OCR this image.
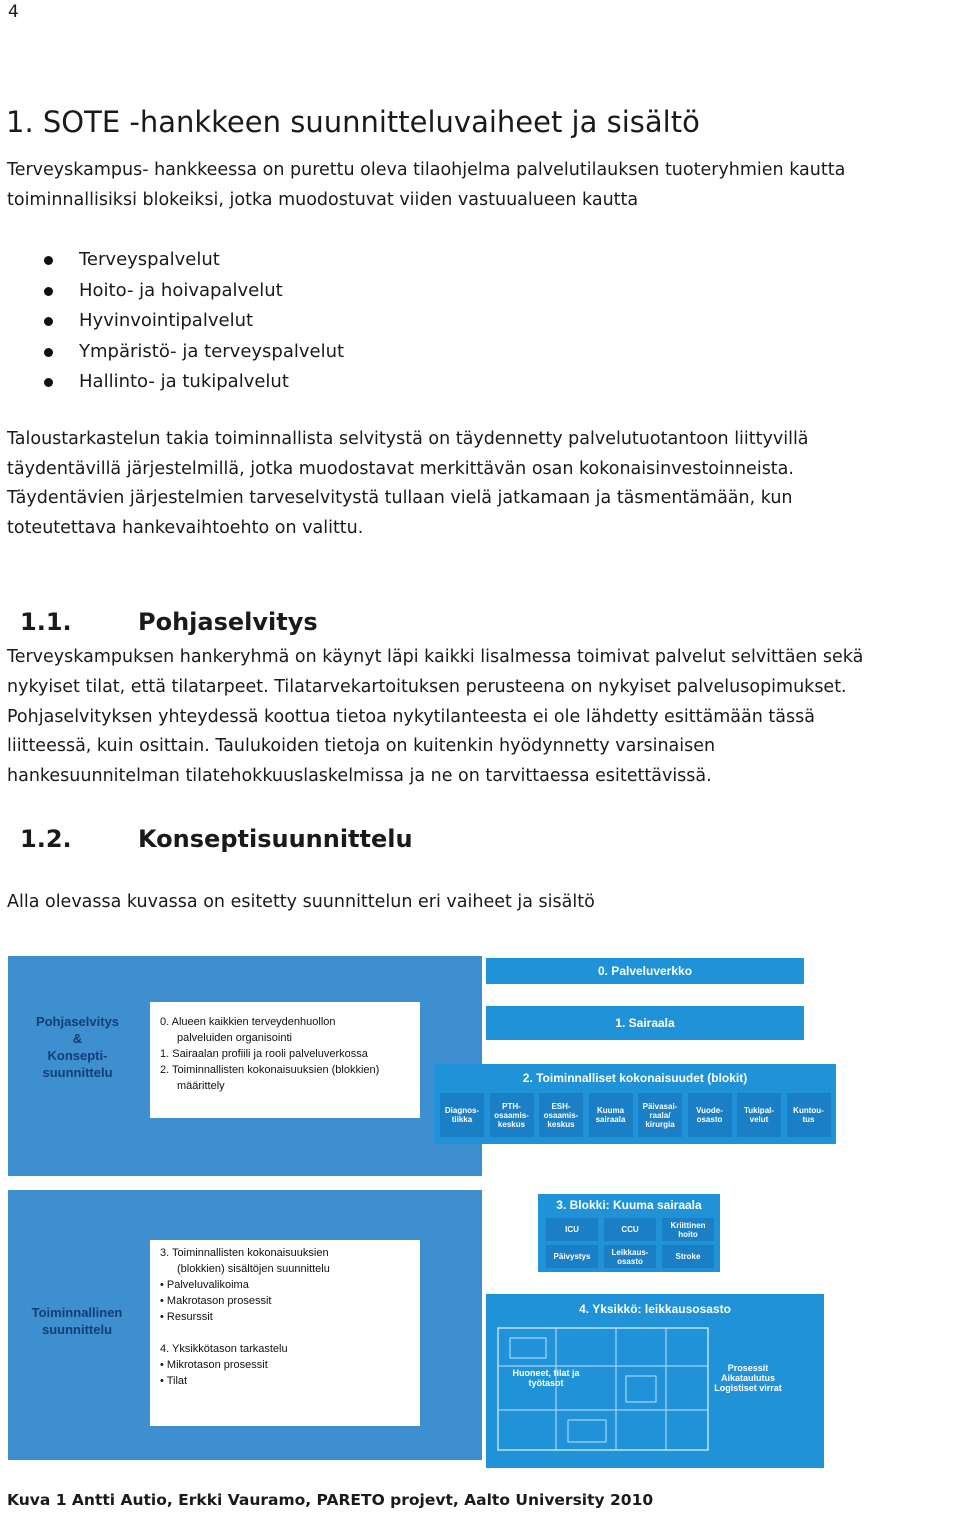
4
1. SOTE -hankkeen suunnitteluvaiheet ja sisältö
Terveyskampus- hankkeessa on purettu oleva tilaohjelma palvelutilauksen tuoteryhmien kautta
toiminnallisiksi blokeiksi, jotka muodostuvat viiden vastuualueen kautta
Terveyspalvelut
Hoito- ja hoivapalvelut
Hyvinvointipalvelut
Ympäristö- ja terveyspalvelut
Hallinto- ja tukipalvelut
Taloustarkastelun takia toiminnallista selvitystä on täydennetty palvelutuotantoon liittyvillä
täydentävillä järjestelmillä, jotka muodostavat merkittävän osan kokonaisinvestoinneista.
Täydentävien järjestelmien tarveselvitystä tullaan vielä jatkamaan ja täsmentämään, kun
toteutettava hankevaihtoehto on valittu.
1.1.	Pohjaselvitys
Terveyskampuksen hankeryhmä on käynyt läpi kaikki lisalmessa toimivat palvelut selvittäen sekä
nykyiset tilat, että tilatarpeet. Tilatarvekartoituksen perusteena on nykyiset palvelusopimukset.
Pohjaselvityksen yhteydessä koottua tietoa nykytilanteesta ei ole lähdetty esittämään tässä
liitteessä, kuin osittain. Taulukoiden tietoja on kuitenkin hyödynnetty varsinaisen
hankesuunnitelman tilatehokkuuslaskelmissa ja ne on tarvittaessa esitettävissä.
1.2.	Konseptisuunnittelu
Alla olevassa kuvassa on esitetty suunnittelun eri vaiheet ja sisältö
Pohjaselvitys
&
Konsepti-
suunnittelu
0. Alueen kaikkien terveydenhuollon
palveluiden organisointi
1. Sairaalan profiili ja rooli palveluverkossa
2. Toiminnallisten kokonaisuuksien (blokkien)
määrittely
Toiminnallinen
suunnittelu
3. Toiminnallisten kokonaisuuksien
(blokkien) sisältöjen suunnittelu
• Palveluvalikoima
• Makrotason prosessit
• Resurssit

4. Yksikkötason tarkastelu
• Mikrotason prosessit
• Tilat
0. Palveluverkko
1. Sairaala
2. Toiminnalliset kokonaisuudet (blokit)
Diagnos-
tiikka
PTH-
osaamis-
keskus
ESH-
osaamis-
keskus
Kuuma
sairaala
Päivasai-
raala/
kirurgia
Vuode-
osasto
Tukipal-
velut
Kuntou-
tus
3. Blokki: Kuuma sairaala
ICU	CCU	Kriittinen
hoito
Päivystys	Leikkaus-
osasto	Stroke
4. Yksikkö: leikkausosasto
Huoneet, tilat ja
työtasot
Prosessit
Aikataulutus
Logistiset virrat
Kuva 1 Antti Autio, Erkki Vauramo, PARETO projevt, Aalto University 2010
